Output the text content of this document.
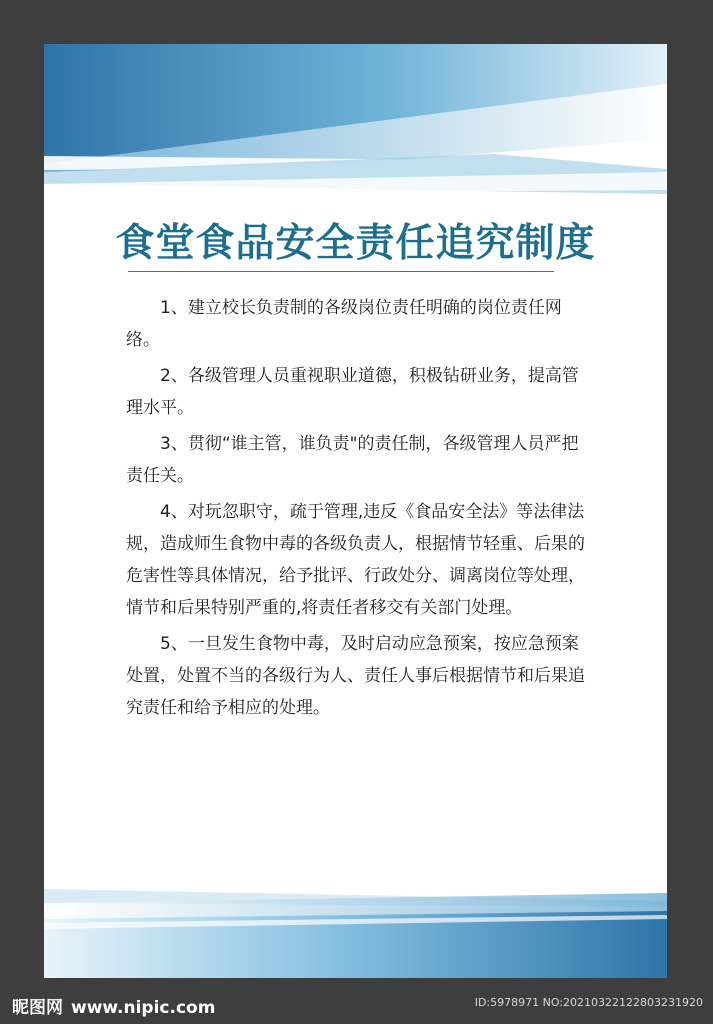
食堂食品安全责任追究制度

1、建立校长负责制的各级岗位责任明确的岗位责任网络。

2、各级管理人员重视职业道德，积极钻研业务，提高管理水平。

3、贯彻“谁主管，谁负责"的责任制，各级管理人员严把责任关。

4、对玩忽职守，疏于管理,违反《食品安全法》等法律法规，造成师生食物中毒的各级负责人，根据情节轻重、后果的危害性等具体情况，给予批评、行政处分、调离岗位等处理，情节和后果特别严重的,将责任者移交有关部门处理。

5、一旦发生食物中毒，及时启动应急预案，按应急预案处置，处置不当的各级行为人、责任人事后根据情节和后果追究责任和给予相应的处理。

昵图网 www.nipic.com	ID:5978971 NO:20210322122803231920
